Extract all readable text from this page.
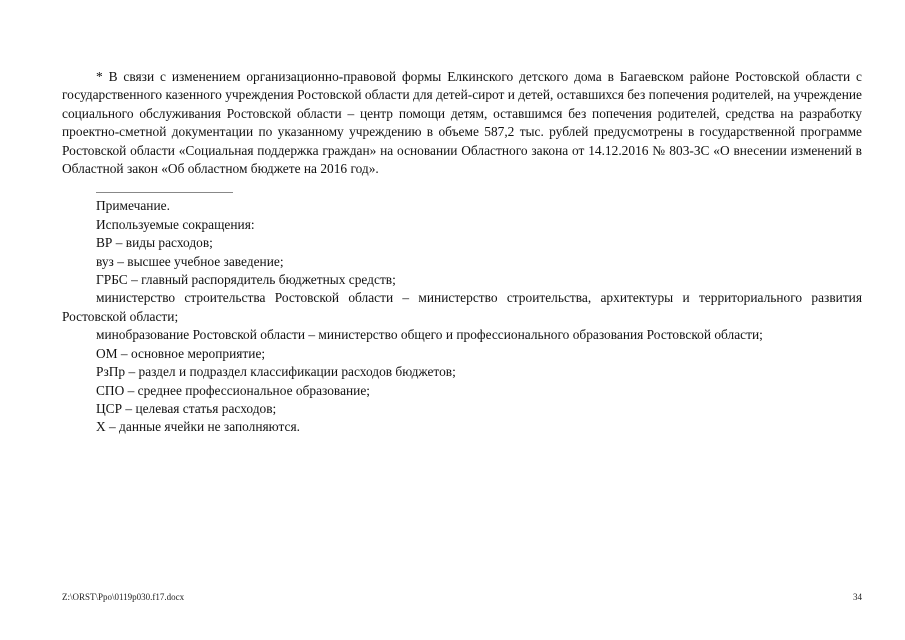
* В связи с изменением организационно-правовой формы Елкинского детского дома в Багаевском районе Ростовской области с государственного казенного учреждения Ростовской области для детей-сирот и детей, оставшихся без попечения родителей, на учреждение социального обслуживания Ростовской области – центр помощи детям, оставшимся без попечения родителей, средства на разработку проектно-сметной документации по указанному учреждению в объеме 587,2 тыс. рублей предусмотрены в государственной программе Ростовской области «Социальная поддержка граждан» на основании Областного закона от 14.12.2016 № 803-ЗС «О внесении изменений в Областной закон «Об областном бюджете на 2016 год».

Примечание.

Используемые сокращения:

ВР – виды расходов;

вуз – высшее учебное заведение;

ГРБС – главный распорядитель бюджетных средств;

министерство строительства Ростовской области – министерство строительства, архитектуры и территориального развития Ростовской области;

минобразование Ростовской области – министерство общего и профессионального образования Ростовской области;

ОМ – основное мероприятие;

РзПр – раздел и подраздел классификации расходов бюджетов;

СПО – среднее профессиональное образование;

ЦСР – целевая статья расходов;

Х – данные ячейки не заполняются.

Z:\ORST\Ppo\0119p030.f17.docx	34
